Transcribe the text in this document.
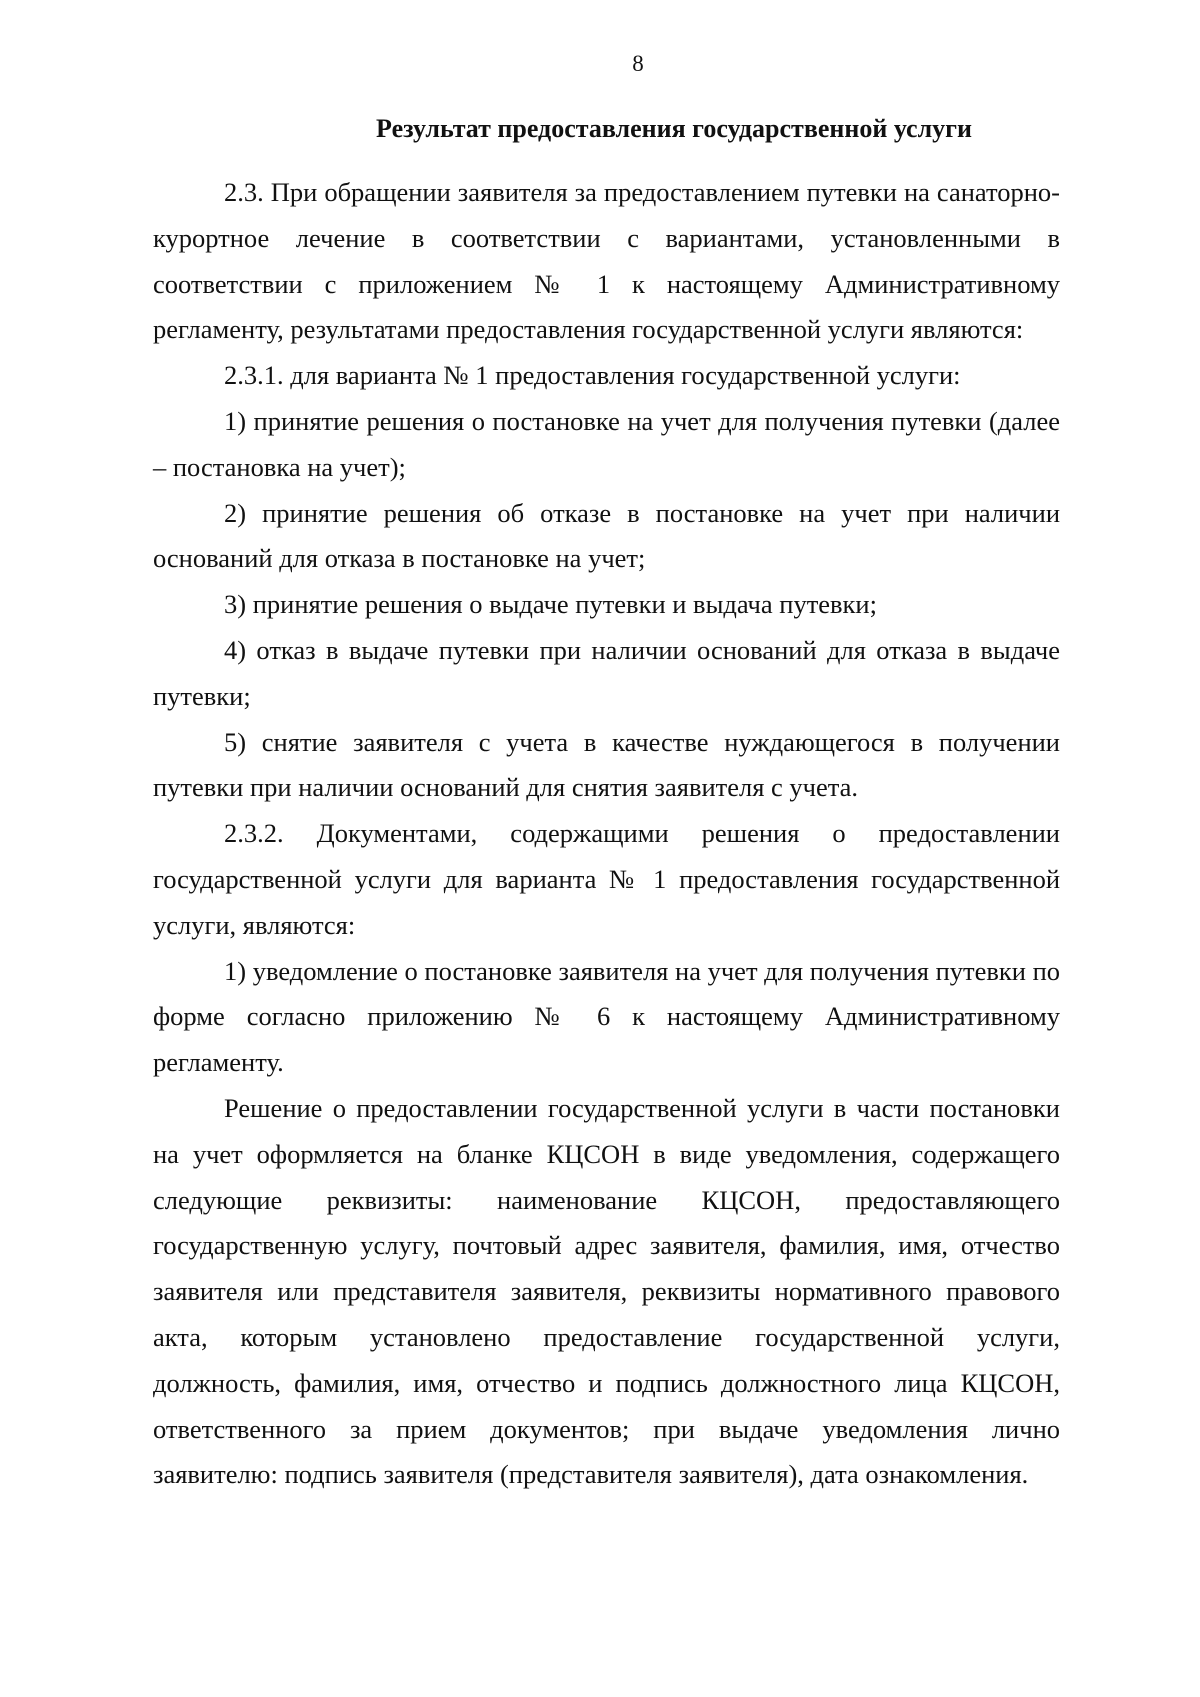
8
Результат предоставления государственной услуги

2.3. При обращении заявителя за предоставлением путевки на санаторно-курортное лечение в соответствии с вариантами, установленными в соответствии с приложением № 1 к настоящему Административному регламенту, результатами предоставления государственной услуги являются:

2.3.1. для варианта № 1 предоставления государственной услуги:

1) принятие решения о постановке на учет для получения путевки (далее – постановка на учет);

2) принятие решения об отказе в постановке на учет при наличии оснований для отказа в постановке на учет;

3) принятие решения о выдаче путевки и выдача путевки;

4) отказ в выдаче путевки при наличии оснований для отказа в выдаче путевки;

5) снятие заявителя с учета в качестве нуждающегося в получении путевки при наличии оснований для снятия заявителя с учета.

2.3.2. Документами, содержащими решения о предоставлении государственной услуги для варианта № 1 предоставления государственной услуги, являются:

1) уведомление о постановке заявителя на учет для получения путевки по форме согласно приложению № 6 к настоящему Административному регламенту.

Решение о предоставлении государственной услуги в части постановки на учет оформляется на бланке КЦСОН в виде уведомления, содержащего следующие реквизиты: наименование КЦСОН, предоставляющего государственную услугу, почтовый адрес заявителя, фамилия, имя, отчество заявителя или представителя заявителя, реквизиты нормативного правового акта, которым установлено предоставление государственной услуги, должность, фамилия, имя, отчество и подпись должностного лица КЦСОН, ответственного за прием документов; при выдаче уведомления лично заявителю: подпись заявителя (представителя заявителя), дата ознакомления.
